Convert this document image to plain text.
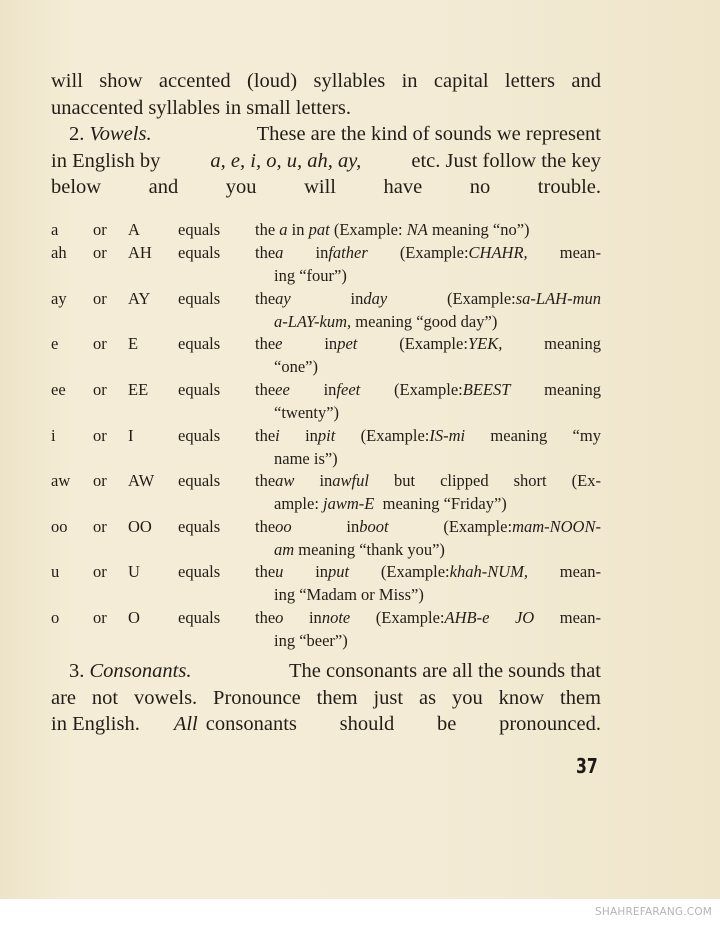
will show accented (loud) syllables in capital letters and
unaccented syllables in small letters.
2. Vowels.	These are the kind of sounds we represent
in English by a, e, i, o, u, ah, ay, etc. Just follow the key
below and you will have no trouble.
a or A equals the a in pat (Example: NA meaning “no”)
ah or AH equals thea infather (Example:CHAHR, mean-
ing “four”)
ay or AY equals theay	inday	(Example:sa-LAH-mun
a-LAY-kum, meaning “good day”)
e or E equals thee	inpet	(Example:YEK,	meaning
“one”)
ee or EE equals theee infeet (Example:BEEST meaning
“twenty”)
i or I	equals thei inpit (Example:IS-mi meaning “my
name is”)
aw or AW equals theaw inawful but clipped short (Ex-
ample: jawm-E  meaning “Friday”)
oo or OO equals theoo	inboot	(Example:mam-NOON-
am meaning “thank you”)
u or U equals theu input (Example:khah-NUM, mean-
ing “Madam or Miss”)
o or O equals theo innote (Example:AHB-e JO mean-
ing “beer”)
3. Consonants.	The consonants are all the sounds that
are not vowels. Pronounce them just as you know them
in English. All consonants should be pronounced.
37
SHAHREFARANG.COM
